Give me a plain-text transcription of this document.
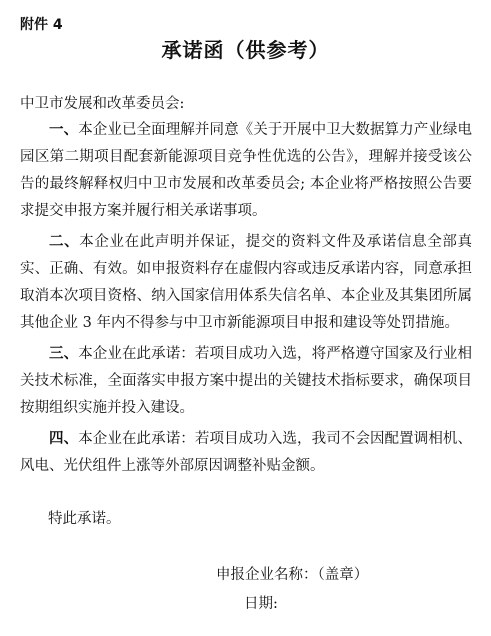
附件 4
承诺函（供参考）
中卫市发展和改革委员会:

一、本企业已全面理解并同意《关于开展中卫大数据算力产业绿电园区第二期项目配套新能源项目竞争性优选的公告》，理解并接受该公告的最终解释权归中卫市发展和改革委员会; 本企业将严格按照公告要求提交申报方案并履行相关承诺事项。

二、本企业在此声明并保证，提交的资料文件及承诺信息全部真实、正确、有效。如申报资料存在虚假内容或违反承诺内容，同意承担取消本次项目资格、纳入国家信用体系失信名单、本企业及其集团所属其他企业 3 年内不得参与中卫市新能源项目申报和建设等处罚措施。

三、本企业在此承诺：若项目成功入选，将严格遵守国家及行业相关技术标准，全面落实申报方案中提出的关键技术指标要求，确保项目按期组织实施并投入建设。

四、本企业在此承诺：若项目成功入选，我司不会因配置调相机、风电、光伏组件上涨等外部原因调整补贴金额。

特此承诺。
申报企业名称：（盖章）
日期:
